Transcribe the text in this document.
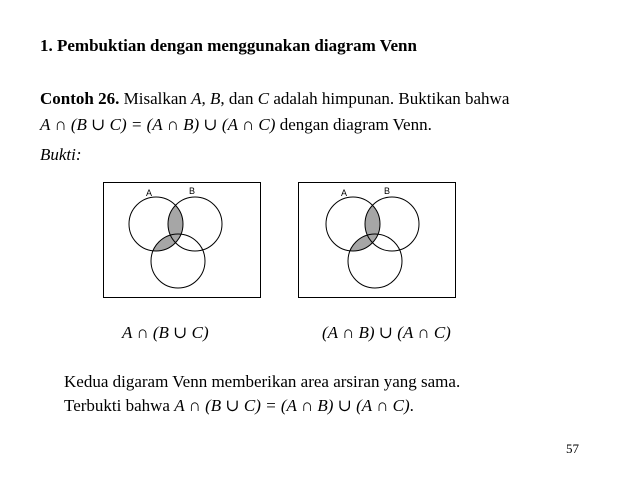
1. Pembuktian dengan menggunakan diagram Venn
Contoh 26. Misalkan A, B, dan C adalah himpunan. Buktikan bahwa
A ∩ (B ∪ C) = (A ∩ B) ∪ (A ∩ C) dengan diagram Venn.
Bukti:
A	B	A	B
A ∩ (B ∪ C)	(A ∩ B) ∪ (A ∩ C)
Kedua digaram Venn memberikan area arsiran yang sama.
Terbukti bahwa A ∩ (B ∪ C) = (A ∩ B) ∪ (A ∩ C).
57
